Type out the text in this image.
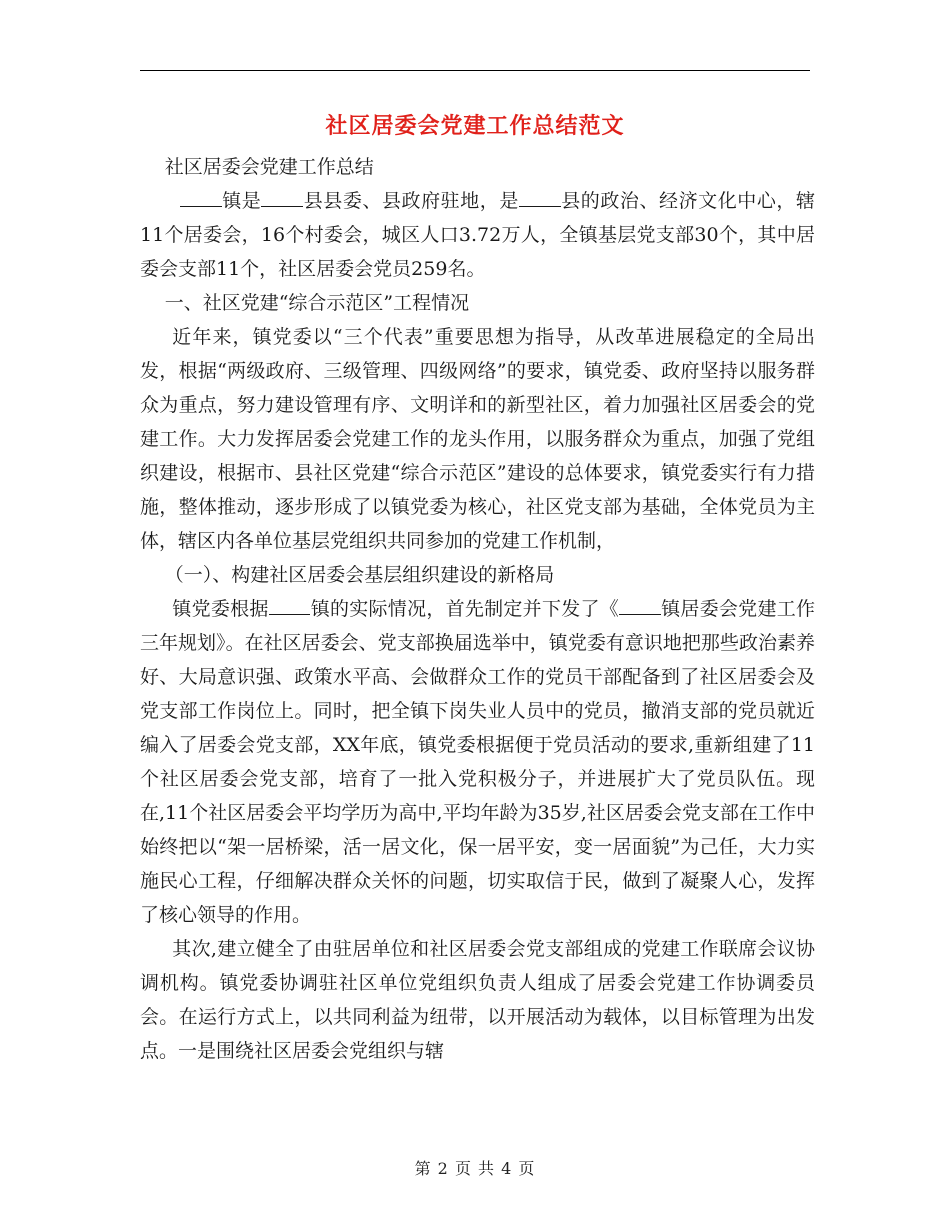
社区居委会党建工作总结范文

社区居委会党建工作总结

镇是 县县委、县政府驻地，是 县的政治、经济文化中心，辖11个居委会，16个村委会，城区人口3.72万人，全镇基层党支部30个，其中居委会支部11个，社区居委会党员259名。

一、社区党建“综合示范区”工程情况

近年来，镇党委以“三个代表”重要思想为指导，从改革进展稳定的全局出发，根据“两级政府、三级管理、四级网络”的要求，镇党委、政府坚持以服务群众为重点，努力建设管理有序、文明详和的新型社区，着力加强社区居委会的党建工作。大力发挥居委会党建工作的龙头作用，以服务群众为重点，加强了党组织建设，根据市、县社区党建“综合示范区”建设的总体要求，镇党委实行有力措施，整体推动，逐步形成了以镇党委为核心，社区党支部为基础，全体党员为主体，辖区内各单位基层党组织共同参加的党建工作机制，

（一）、构建社区居委会基层组织建设的新格局

镇党委根据 镇的实际情况，首先制定并下发了《 镇居委会党建工作三年规划》。在社区居委会、党支部换届选举中，镇党委有意识地把那些政治素养好、大局意识强、政策水平高、会做群众工作的党员干部配备到了社区居委会及党支部工作岗位上。同时，把全镇下岗失业人员中的党员，撤消支部的党员就近编入了居委会党支部，XX年底，镇党委根据便于党员活动的要求,重新组建了11个社区居委会党支部，培育了一批入党积极分子，并进展扩大了党员队伍。现在,11个社区居委会平均学历为高中,平均年龄为35岁,社区居委会党支部在工作中始终把以“架一居桥梁，活一居文化，保一居平安，变一居面貌”为己任，大力实施民心工程，仔细解决群众关怀的问题，切实取信于民，做到了凝聚人心，发挥了核心领导的作用。

其次,建立健全了由驻居单位和社区居委会党支部组成的党建工作联席会议协调机构。镇党委协调驻社区单位党组织负责人组成了居委会党建工作协调委员会。在运行方式上，以共同利益为纽带，以开展活动为载体，以目标管理为出发点。一是围绕社区居委会党组织与辖

第 2 页 共 4 页
